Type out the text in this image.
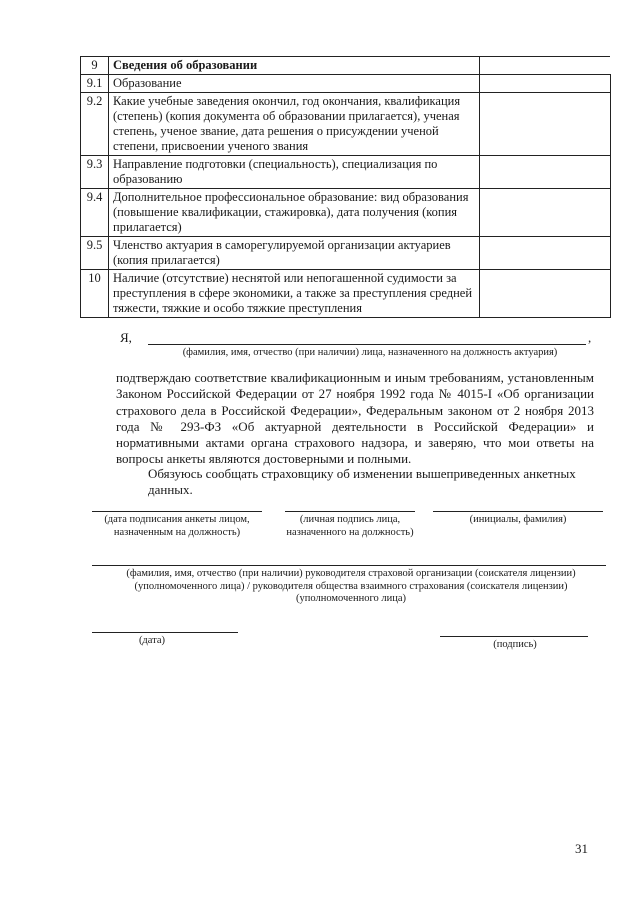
9	Сведения об образовании	
9.1	Образование	
9.2	Какие учебные заведения окончил, год окончания, квалификация (степень) (копия документа об образовании прилагается), ученая степень, ученое звание, дата решения о присуждении ученой степени, присвоении ученого звания	
9.3	Направление подготовки (специальность), специализация по образованию	
9.4	Дополнительное профессиональное образование: вид образования (повышение квалификации, стажировка), дата получения (копия прилагается)	
9.5	Членство актуария в саморегулируемой организации актуариев (копия прилагается)	
10	Наличие (отсутствие) неснятой или непогашенной судимости за преступления в сфере экономики, а также за преступления средней тяжести, тяжкие и особо тяжкие преступления	
Я,	,
(фамилия, имя, отчество (при наличии) лица, назначенного на должность актуария)
подтверждаю соответствие квалификационным и иным требованиям, установленным Законом Российской Федерации от 27 ноября 1992 года № 4015-I «Об организации страхового дела в Российской Федерации», Федеральным законом от 2 ноября 2013 года № 293-ФЗ «Об актуарной деятельности в Российской Федерации» и нормативными актами органа страхового надзора, и заверяю, что мои ответы на вопросы анкеты являются достоверными и полными.
Обязуюсь сообщать страховщику об изменении вышеприведенных анкетных данных.
(дата подписания анкеты лицом, назначенным на должность)
(личная подпись лица, назначенного на должность)
(инициалы, фамилия)
(фамилия, имя, отчество (при наличии) руководителя страховой организации (соискателя лицензии) (уполномоченного лица) / руководителя общества взаимного страхования (соискателя лицензии) (уполномоченного лица)
(дата)	(подпись)
31
